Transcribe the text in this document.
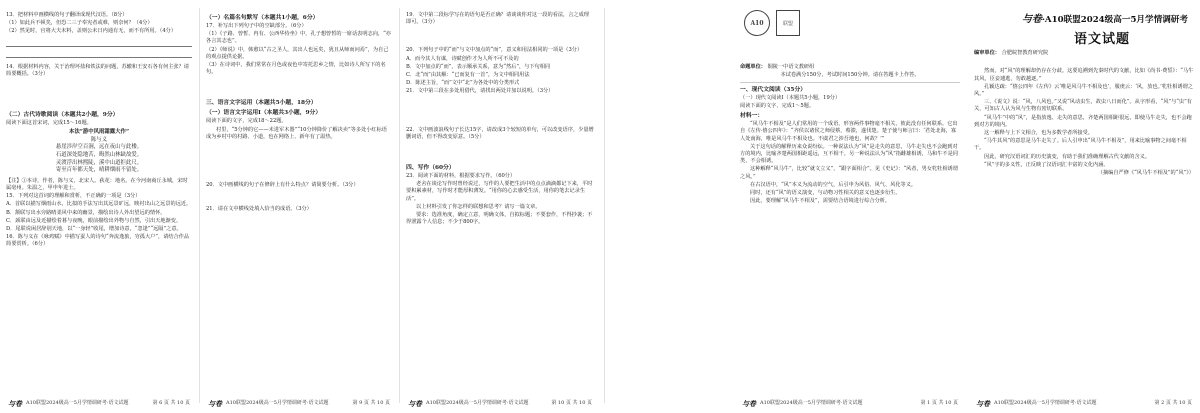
13．把材料中画横线的句子翻译成现代汉语。（8分）

（1）如此兵不顿矣，但恐二三子奉宪者或难，则奈何？（4分）

（2）然见时，官将大夫未料，盖则公未日内通有无，而不有所用。（4分）

14．根据材料内容，关于治理坏盐和铁法的问题，苏辙和王安石各有何主张？请简要概括。（3分）

（二）古代诗歌阅读（本题共2小题，9分）

阅读下面这首宋词，完成15～16题。

本法“游中风雨霜露大作”

陈与义

悬崖涉岸空百涧，远在夜山与此楼。

石道深处隐地苦，晦然山林缺故爱。

灵渡浮出林熙陡，溪中山道拒此尺。

寄至百年都天处，晴耕烟雨不留处。

【注】①本诗，作者，陈与义，北宋人。荻花：地名。在今河南商丘永城，宋时属亳州。朱温之，甲申年进士。

15．下列对这首词的理解和赏析，不正确的一项是（3分）

A．首联以描写烟雨山水，比拟的手法写出其远景旷远，映衬出山之远景的远近。

B．颔联写出水旁路晴柔风中来的幽景，描绘出诗人外出望远的情怀。

C．颈联由远及近描绘着暮与夜晚，眼前描绘出外物与自然，引出天地渐变。

D．尾联说闲居辞别天地，以“一身轻”收尾，增加诗意，“忽逢”“远隔”之意。

16．陈与义在《咏鸡赋》中描写蚕人的诗句“奔流逸旅，穷孤大户”，请结合作品简要赏析。（6分）

与卷 A10联盟2024级高一5月学情调研考·语文试题	第 6 页 共 10 页

（一）名篇名句默写（本题共1小题，6分）

17．补写出下列句子中的空缺部分。（6分）

（1）《子路、曾皙、冉有、公西华侍坐》中，孔子想曾皙的一席话表明志向，“亦各言其志也”。

（2）《师说》中，韩愈以“古之圣人，其出人也远矣，犹且从师而问焉”，为自己的观点提供论据。

（3）在诗词中，我们常常在月色或夜色中寄托思乡之情，比如诗人所写下的名句。

三、语言文字运用（本题共5小题，18分）

（一）语言文字运用Ⅰ（本题共3小题，9分）

阅读下面的文字，完成18～22题。

村里，“5分钟的它——未进军木器”“10分钟降价了解决卖”等多处小红标语成为乡村中的村路、小道，也在网络上、新年有了温热。

20．文中画横线的句子在修辞上有什么特点？请简要分析。（3分）

21．请在文中横线处填入恰当的成语。（3分）

与卷 A10联盟2024级高一5月学情调研考·语文试题	第 9 页 共 10 页

19．文中第二段标学写在的语句是否正确？请谈谈你对这一段的看法，言之成理即可。（3分）

20．下列句子中的“而”与文中加点的“而”，意义和用法相同的一项是（3分）

A．而今其人有谋，诗赋创作才为人所不可不及的

B．文中加点的“而”，表示顺承关系，意为“然后”，与下句相同

C．北“而”由其解：“已而复有一首”，为文中相同用法

D．陈述主旨，“而”文中“北”为各处中的分类形式

21．文中第三段在多处用借代，请找出两处并加以说明。（3分）

22．文中画波浪线句子长达15字，请改成3个较短的单句，可以改变语序，少量增删词语，但不得改变原意。（5分）

四、写作（60分）

23．阅读下面的材料，根据要求写作。（60分）

老舍在谈论写作时曾经说过，写作的人要把生活中的点点滴滴都记下来，平时要积累素材，写作时才能厚积薄发。“用你的心去感受生活，用你的笔去记录生活”。

以上材料引发了你怎样的联想和思考？请写一篇文章。

要求：选准角度，确定立意，明确文体，自拟标题；不要套作，不得抄袭；不得泄露个人信息；不少于800字。

与卷 A10联盟2024级高一5月学情调研考·语文试题	第 10 页 共 10 页
A10	联盟

命题单位： 铜陵一中语文教研组

本试卷满分150分，考试时间150分钟。请在答题卡上作答。

一、现代文阅读（35分）

（一）现代文阅读Ⅰ（本题共5小题，19分）

阅读下面的文字，完成1～5题。

材料一：

“风马牛不相及”是人们常用的一个成语，形容两件事物毫不相关，彼此没有任何联系。它出自《左传·僖公四年》：“齐侯以诸侯之师侵蔡，蔡溃，遂伐楚。楚子使与师言曰：‘君处北海，寡人处南海，唯是风马牛不相及也。不虞君之涉吾地也，何故？’”

关于这句话的解释历来众说纷纭。一种说法认为“风”是走失的意思，马牛走失也不会跑到对方的境内，比喻齐楚两国相距遥远，互不相干。另一种说法认为“风”指雌雄相诱，马和牛不是同类，不会相诱。

这种解释“风马牛”，比较“就文立义”，“跟字面相合”。见《史记》：“风者，男女牝牡相诱谓之风。”

在古汉语中，“风”本义为流动的空气，后引申为风俗、风气、风化等义。

同时，还有“风”的语义演变，与动物习性相关的意义也逐步衍生。

因此，要理解“风马牛不相及”，需要结合语境进行综合分析。

与卷 A10联盟2024级高一5月学情调研考·语文试题	第 1 页 共 10 页
与卷·A10联盟2024级高一5月学情调研考
语文试题

编审单位： 合肥皖智教育研究院

然而，对“风”的理解却仍存在分歧。这要追溯到先秦时代的文献，比如《尚书·费誓》：“马牛其风，臣妾逋逃，勿敢越逐。”

孔颖达疏：“僖公四年《左传》云‘唯是风马牛不相及也’，服虔云：‘风，放也。’牝牡相诱谓之风。”

三、《说文》说：“风，八风也。”又说“风动虫生，故虫八日而化”。从字形看，“风”与“虫”有关，可知古人认为风与生物有密切联系。

“风马牛”中的“风”，是指放逸、走失的意思，齐楚两国相距很远，即使马牛走失，也不会跑到对方的境内。

这一解释与上下文相合，也为多数学者所接受。

“马牛其风”的意思是马牛走失了。后人引申出“风马牛不相及”，用来比喻事物之间毫不相干。

因此，研究汉语词汇的历史演变，有助于我们准确理解古代文献的含义。

“风”字的多义性，正反映了汉语词汇丰富的文化内涵。

（摘编自严修《“风马牛不相及”的“风”》）

与卷 A10联盟2024级高一5月学情调研考·语文试题	第 2 页 共 10 页
